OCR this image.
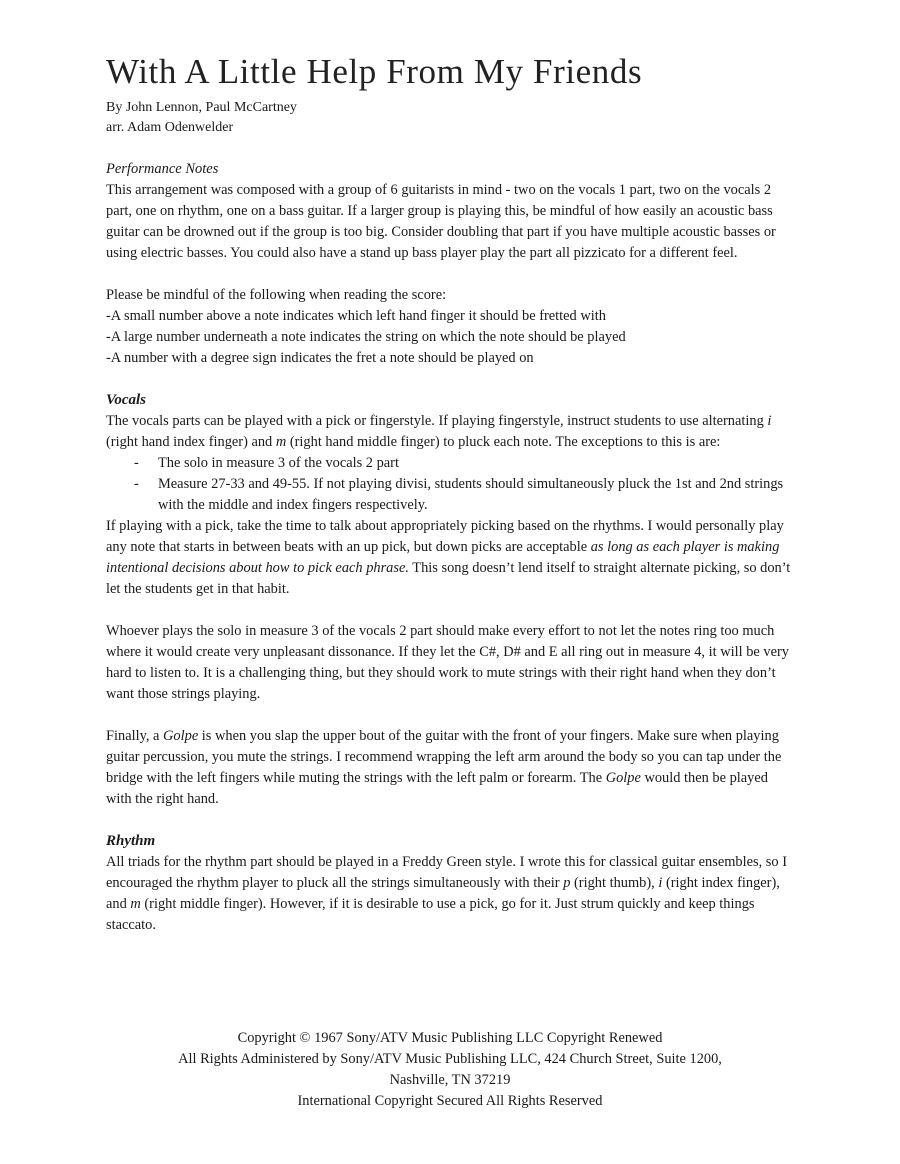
With A Little Help From My Friends

By John Lennon, Paul McCartney

arr. Adam Odenwelder

Performance Notes

This arrangement was composed with a group of 6 guitarists in mind - two on the vocals 1 part, two on the vocals 2 part, one on rhythm, one on a bass guitar. If a larger group is playing this, be mindful of how easily an acoustic bass guitar can be drowned out if the group is too big. Consider doubling that part if you have multiple acoustic basses or using electric basses. You could also have a stand up bass player play the part all pizzicato for a different feel.

Please be mindful of the following when reading the score:

-A small number above a note indicates which left hand finger it should be fretted with

-A large number underneath a note indicates the string on which the note should be played

-A number with a degree sign indicates the fret a note should be played on

Vocals

The vocals parts can be played with a pick or fingerstyle. If playing fingerstyle, instruct students to use alternating i (right hand index finger) and m (right hand middle finger) to pluck each note. The exceptions to this is are:

- The solo in measure 3 of the vocals 2 part
- Measure 27-33 and 49-55. If not playing divisi, students should simultaneously pluck the 1st and 2nd strings with the middle and index fingers respectively.

If playing with a pick, take the time to talk about appropriately picking based on the rhythms. I would personally play any note that starts in between beats with an up pick, but down picks are acceptable as long as each player is making intentional decisions about how to pick each phrase. This song doesn’t lend itself to straight alternate picking, so don’t let the students get in that habit.

Whoever plays the solo in measure 3 of the vocals 2 part should make every effort to not let the notes ring too much where it would create very unpleasant dissonance. If they let the C#, D# and E all ring out in measure 4, it will be very hard to listen to. It is a challenging thing, but they should work to mute strings with their right hand when they don’t want those strings playing.

Finally, a Golpe is when you slap the upper bout of the guitar with the front of your fingers. Make sure when playing guitar percussion, you mute the strings. I recommend wrapping the left arm around the body so you can tap under the bridge with the left fingers while muting the strings with the left palm or forearm. The Golpe would then be played with the right hand.

Rhythm

All triads for the rhythm part should be played in a Freddy Green style. I wrote this for classical guitar ensembles, so I encouraged the rhythm player to pluck all the strings simultaneously with their p (right thumb), i (right index finger), and m (right middle finger). However, if it is desirable to use a pick, go for it. Just strum quickly and keep things staccato.

Copyright © 1967 Sony/ATV Music Publishing LLC Copyright Renewed
All Rights Administered by Sony/ATV Music Publishing LLC, 424 Church Street, Suite 1200,
Nashville, TN 37219
International Copyright Secured All Rights Reserved
